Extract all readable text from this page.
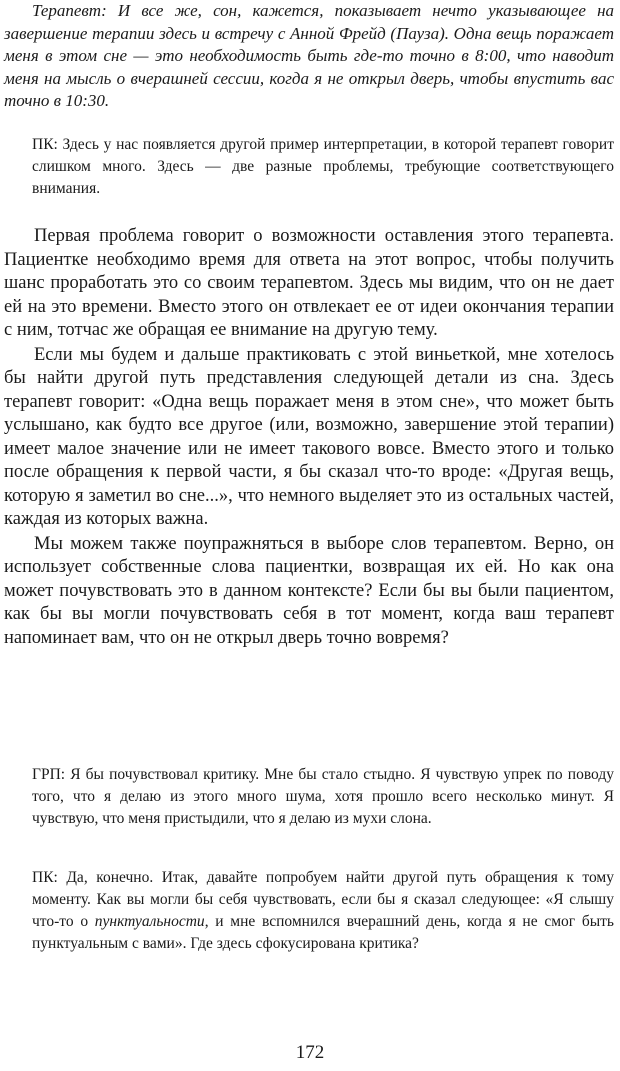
Терапевт: И все же, сон, кажется, показывает нечто указывающее на завершение терапии здесь и встречу с Анной Фрейд (Пауза). Одна вещь поражает меня в этом сне — это необходимость быть где-то точно в 8:00, что наводит меня на мысль о вчерашней сессии, когда я не открыл дверь, чтобы впустить вас точно в 10:30.

ПК: Здесь у нас появляется другой пример интерпретации, в которой терапевт говорит слишком много. Здесь — две разные проблемы, требующие соответствующего внимания.

Первая проблема говорит о возможности оставления этого терапевта. Пациентке необходимо время для ответа на этот вопрос, чтобы получить шанс проработать это со своим терапевтом. Здесь мы видим, что он не дает ей на это времени. Вместо этого он отвлекает ее от идеи окончания терапии с ним, тотчас же обращая ее внимание на другую тему.

Если мы будем и дальше практиковать с этой виньеткой, мне хотелось бы найти другой путь представления следующей детали из сна. Здесь терапевт говорит: «Одна вещь поражает меня в этом сне», что может быть услышано, как будто все другое (или, возможно, завершение этой терапии) имеет малое значение или не имеет такового вовсе. Вместо этого и только после обращения к первой части, я бы сказал что-то вроде: «Другая вещь, которую я заметил во сне...», что немного выделяет это из остальных частей, каждая из которых важна.

Мы можем также поупражняться в выборе слов терапевтом. Верно, он использует собственные слова пациентки, возвращая их ей. Но как она может почувствовать это в данном контексте? Если бы вы были пациентом, как бы вы могли почувствовать себя в тот момент, когда ваш терапевт напоминает вам, что он не открыл дверь точно вовремя?

ГРП: Я бы почувствовал критику. Мне бы стало стыдно. Я чувствую упрек по поводу того, что я делаю из этого много шума, хотя прошло всего несколько минут. Я чувствую, что меня пристыдили, что я делаю из мухи слона.

ПК: Да, конечно. Итак, давайте попробуем найти другой путь обращения к тому моменту. Как вы могли бы себя чувствовать, если бы я сказал следующее: «Я слышу что-то о пунктуальности, и мне вспомнился вчерашний день, когда я не смог быть пунктуальным с вами». Где здесь сфокусирована критика?

172
